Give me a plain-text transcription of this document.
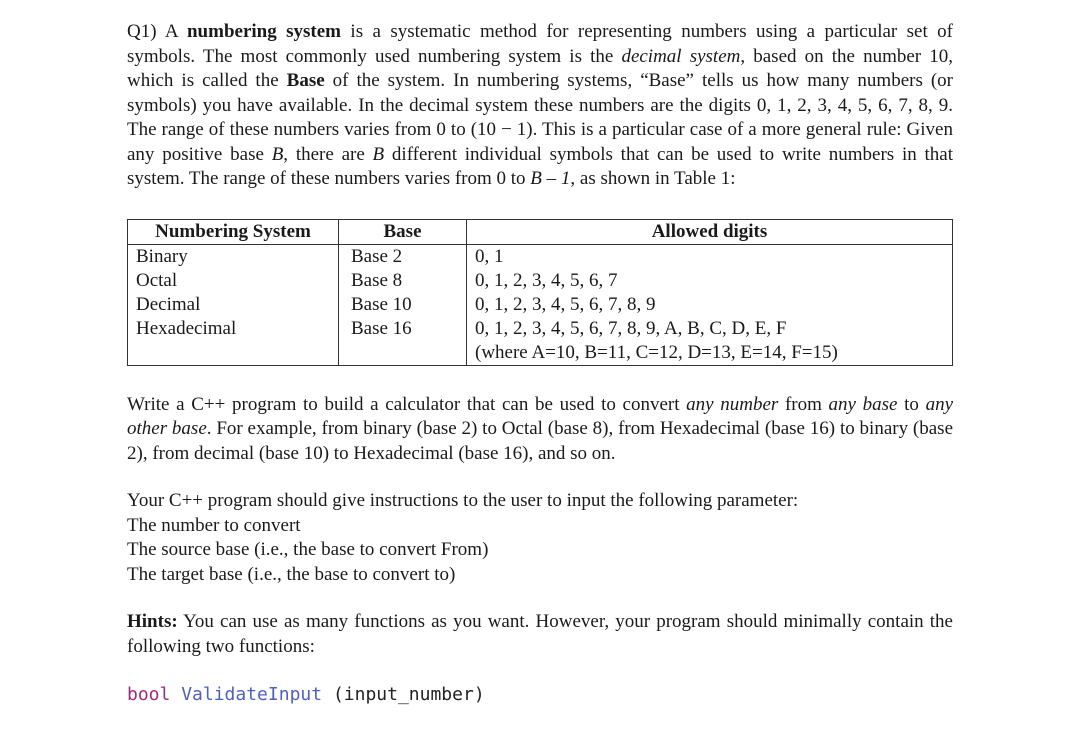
Q1) A numbering system is a systematic method for representing numbers using a particular set of symbols. The most commonly used numbering system is the decimal system, based on the number 10, which is called the Base of the system. In numbering systems, “Base” tells us how many numbers (or symbols) you have available. In the decimal system these numbers are the digits 0, 1, 2, 3, 4, 5, 6, 7, 8, 9. The range of these numbers varies from 0 to (10 − 1). This is a particular case of a more general rule: Given any positive base B, there are B different individual symbols that can be used to write numbers in that system. The range of these numbers varies from 0 to B – 1, as shown in Table 1:

Numbering System	Base	Allowed digits
Binary	Base 2	0, 1
Octal	Base 8	0, 1, 2, 3, 4, 5, 6, 7
Decimal	Base 10	0, 1, 2, 3, 4, 5, 6, 7, 8, 9
Hexadecimal	Base 16	0, 1, 2, 3, 4, 5, 6, 7, 8, 9, A, B, C, D, E, F
(where A=10, B=11, C=12, D=13, E=14, F=15)

Write a C++ program to build a calculator that can be used to convert any number from any base to any other base. For example, from binary (base 2) to Octal (base 8), from Hexadecimal (base 16) to binary (base 2), from decimal (base 10) to Hexadecimal (base 16), and so on.

Your C++ program should give instructions to the user to input the following parameter:

The number to convert

The source base (i.e., the base to convert From)

The target base (i.e., the base to convert to)

Hints: You can use as many functions as you want. However, your program should minimally contain the following two functions:

bool ValidateInput (input_number)
